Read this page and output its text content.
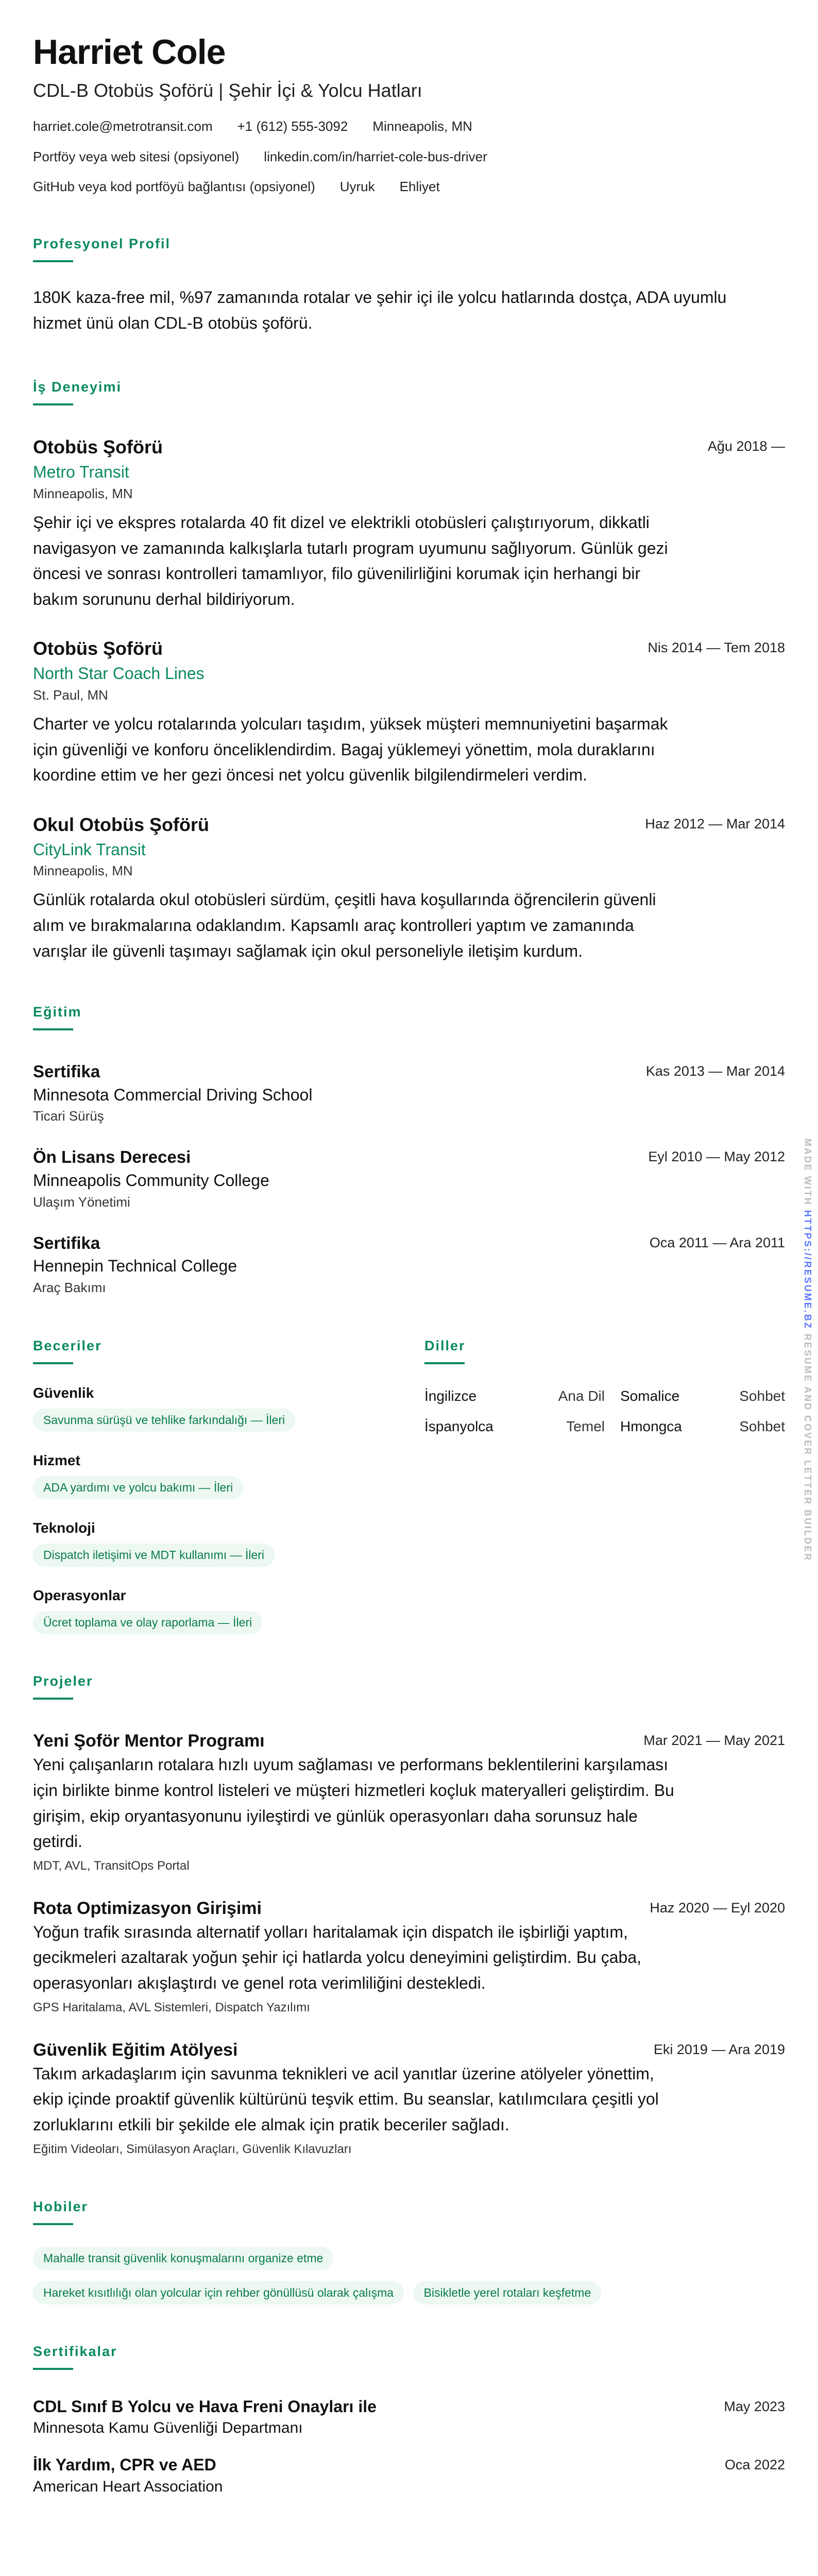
Harriet Cole
CDL-B Otobüs Şoförü | Şehir İçi & Yolcu Hatları
harriet.cole@metrotransit.com +1 (612) 555-3092 Minneapolis, MN
Portföy veya web sitesi (opsiyonel) linkedin.com/in/harriet-cole-bus-driver
GitHub veya kod portföyü bağlantısı (opsiyonel) Uyruk Ehliyet
Profesyonel Profil
180K kaza-free mil, %97 zamanında rotalar ve şehir içi ile yolcu hatlarında dostça, ADA uyumlu hizmet ünü olan CDL-B otobüs şoförü.
İş Deneyimi
Ağu 2018 —
Otobüs Şoförü
Metro Transit
Minneapolis, MN
Şehir içi ve ekspres rotalarda 40 fit dizel ve elektrikli otobüsleri çalıştırıyorum, dikkatli navigasyon ve zamanında kalkışlarla tutarlı program uyumunu sağlıyorum. Günlük gezi öncesi ve sonrası kontrolleri tamamlıyor, filo güvenilirliğini korumak için herhangi bir bakım sorununu derhal bildiriyorum.
Nis 2014 — Tem 2018
Otobüs Şoförü
North Star Coach Lines
St. Paul, MN
Charter ve yolcu rotalarında yolcuları taşıdım, yüksek müşteri memnuniyetini başarmak için güvenliği ve konforu önceliklendirdim. Bagaj yüklemeyi yönettim, mola duraklarını koordine ettim ve her gezi öncesi net yolcu güvenlik bilgilendirmeleri verdim.
Haz 2012 — Mar 2014
Okul Otobüs Şoförü
CityLink Transit
Minneapolis, MN
Günlük rotalarda okul otobüsleri sürdüm, çeşitli hava koşullarında öğrencilerin güvenli alım ve bırakmalarına odaklandım. Kapsamlı araç kontrolleri yaptım ve zamanında varışlar ile güvenli taşımayı sağlamak için okul personeliyle iletişim kurdum.
Eğitim
Kas 2013 — Mar 2014
Sertifika
Minnesota Commercial Driving School
Ticari Sürüş
Eyl 2010 — May 2012
Ön Lisans Derecesi
Minneapolis Community College
Ulaşım Yönetimi
Oca 2011 — Ara 2011
Sertifika
Hennepin Technical College
Araç Bakımı
Beceriler
Güvenlik
Savunma sürüşü ve tehlike farkındalığı — İleri
Hizmet
ADA yardımı ve yolcu bakımı — İleri
Teknoloji
Dispatch iletişimi ve MDT kullanımı — İleri
Operasyonlar
Ücret toplama ve olay raporlama — İleri
Diller
İngilizce	Ana Dil Somalice	Sohbet
İspanyolca	Temel Hmongca	Sohbet
Projeler
Mar 2021 — May 2021
Yeni Şoför Mentor Programı
Yeni çalışanların rotalara hızlı uyum sağlaması ve performans beklentilerini karşılaması için birlikte binme kontrol listeleri ve müşteri hizmetleri koçluk materyalleri geliştirdim. Bu girişim, ekip oryantasyonunu iyileştirdi ve günlük operasyonları daha sorunsuz hale getirdi.
MDT, AVL, TransitOps Portal
Haz 2020 — Eyl 2020
Rota Optimizasyon Girişimi
Yoğun trafik sırasında alternatif yolları haritalamak için dispatch ile işbirliği yaptım, gecikmeleri azaltarak yoğun şehir içi hatlarda yolcu deneyimini geliştirdim. Bu çaba, operasyonları akışlaştırdı ve genel rota verimliliğini destekledi.
GPS Haritalama, AVL Sistemleri, Dispatch Yazılımı
Eki 2019 — Ara 2019
Güvenlik Eğitim Atölyesi
Takım arkadaşlarım için savunma teknikleri ve acil yanıtlar üzerine atölyeler yönettim, ekip içinde proaktif güvenlik kültürünü teşvik ettim. Bu seanslar, katılımcılara çeşitli yol zorluklarını etkili bir şekilde ele almak için pratik beceriler sağladı.
Eğitim Videoları, Simülasyon Araçları, Güvenlik Kılavuzları
Hobiler
Mahalle transit güvenlik konuşmalarını organize etme
Hareket kısıtlılığı olan yolcular için rehber gönüllüsü olarak çalışma	Bisikletle yerel rotaları keşfetme
Sertifikalar
May 2023
CDL Sınıf B Yolcu ve Hava Freni Onayları ile
Minnesota Kamu Güvenliği Departmanı
Oca 2022
İlk Yardım, CPR ve AED
American Heart Association
MADE WITH HTTPS://RESUME.BZ RESUME AND COVER LETTER BUILDER
